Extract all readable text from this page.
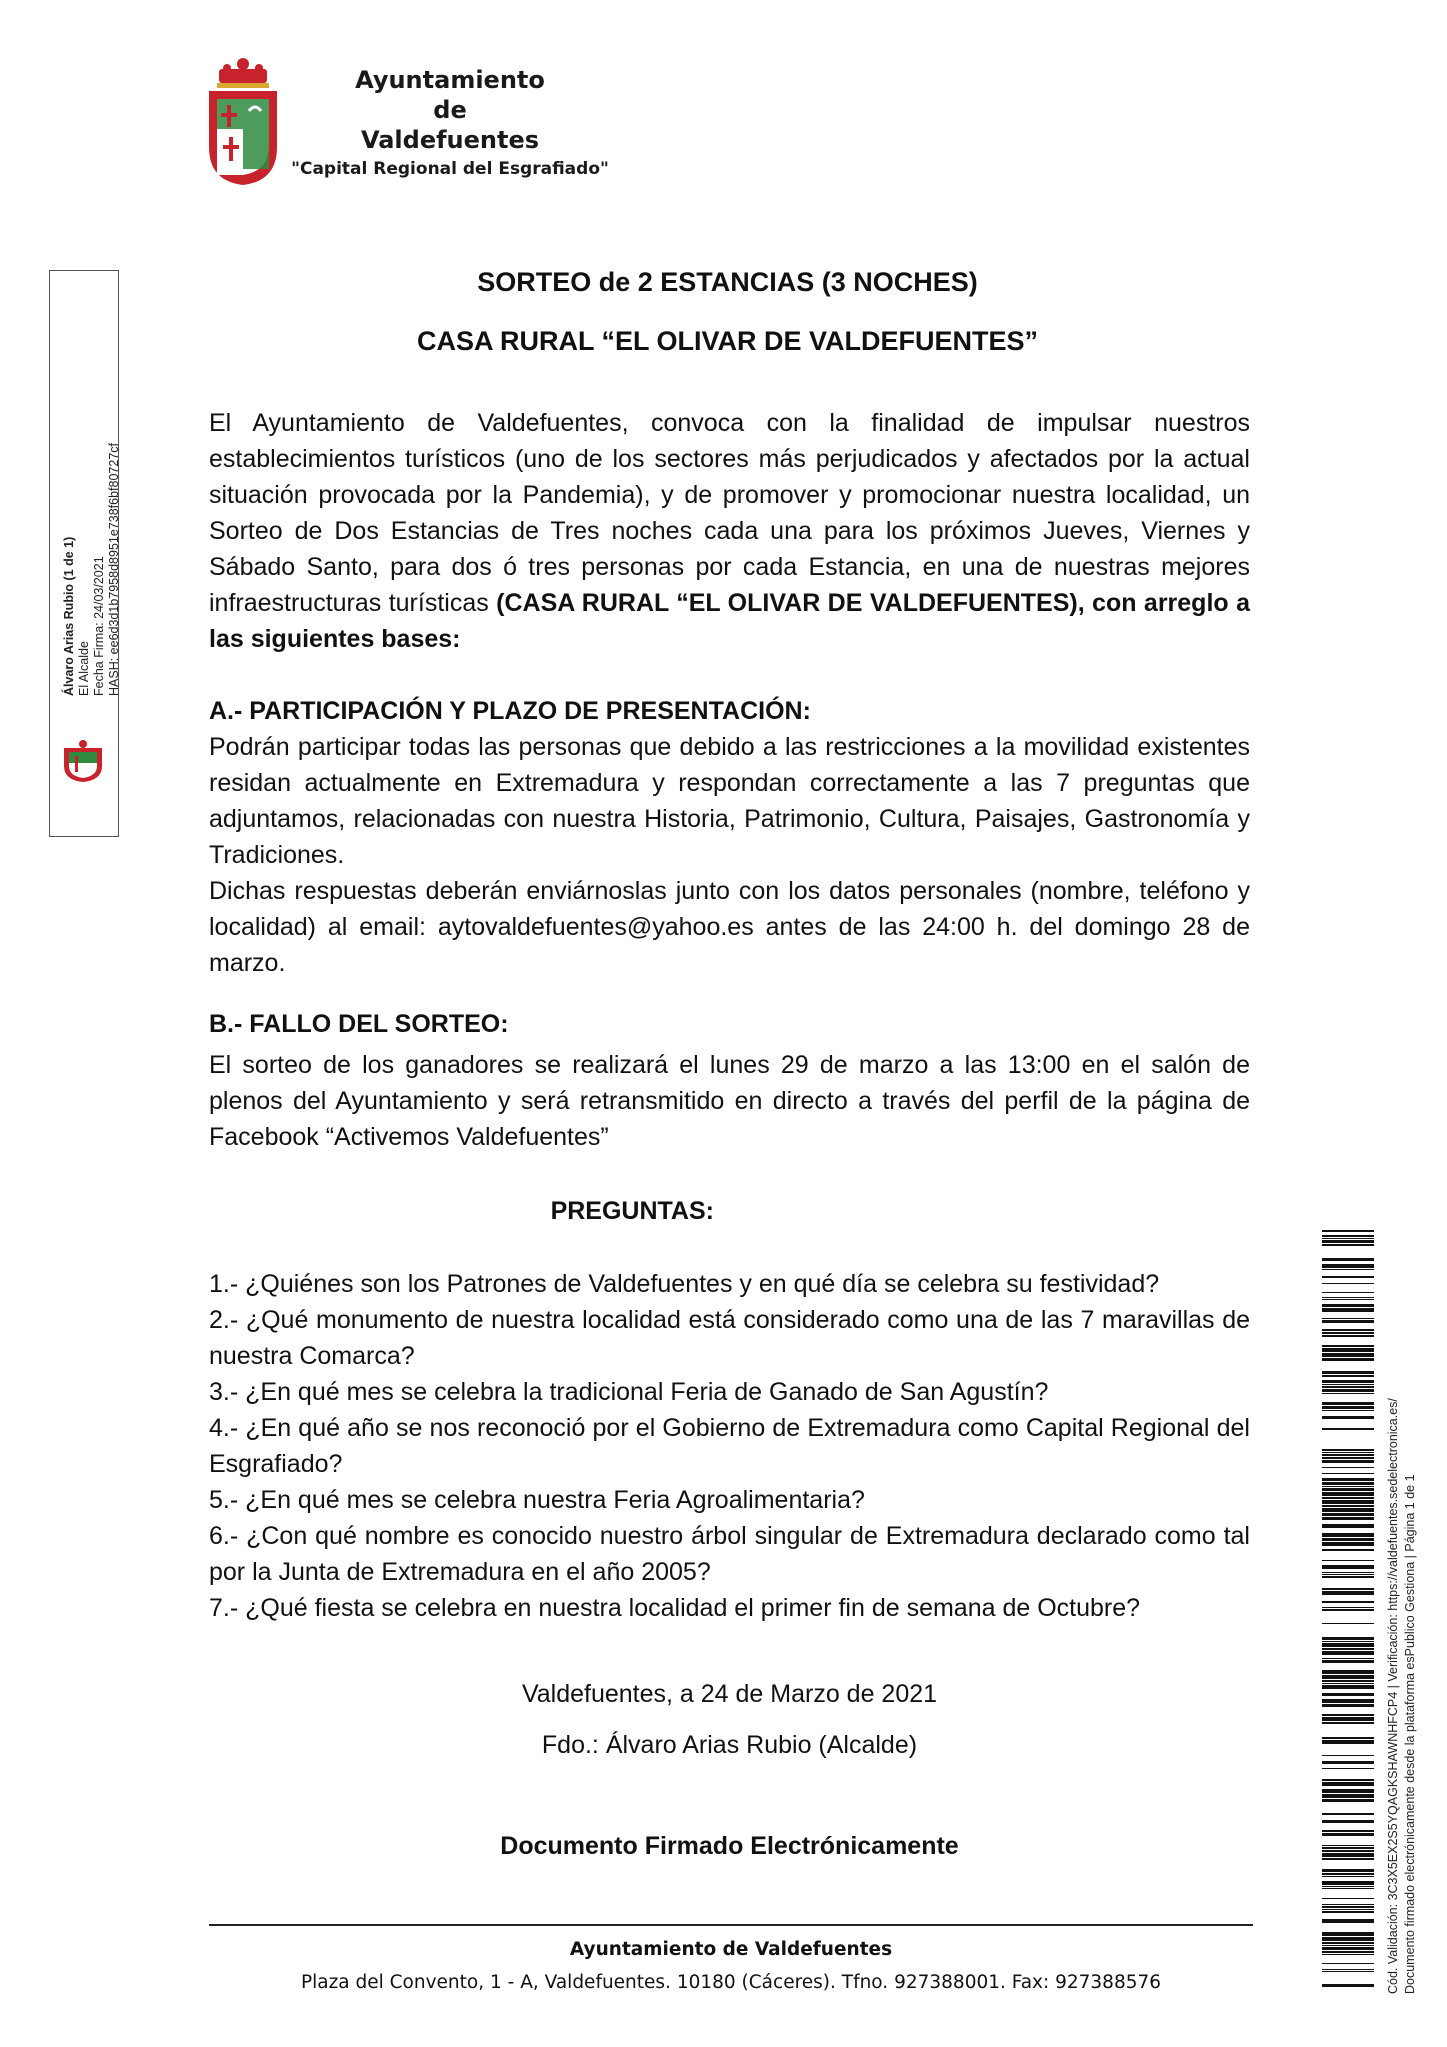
Ayuntamiento
de
Valdefuentes
"Capital Regional del Esgrafiado"
Álvaro Arias Rubio (1 de 1) El Alcalde Fecha Firma: 24/03/2021 HASH: ee6d3d1b7958d8951e738f6bf80727cf
SORTEO de 2 ESTANCIAS (3 NOCHES)
CASA RURAL “EL OLIVAR DE VALDEFUENTES”

El Ayuntamiento de Valdefuentes, convoca con la finalidad de impulsar nuestros establecimientos turísticos (uno de los sectores más perjudicados y afectados por la actual situación provocada por la Pandemia), y de promover y promocionar nuestra localidad, un Sorteo de Dos Estancias de Tres noches cada una para los próximos Jueves, Viernes y Sábado Santo, para dos ó tres personas por cada Estancia, en una de nuestras mejores infraestructuras turísticas (CASA RURAL “EL OLIVAR DE VALDEFUENTES), con arreglo a las siguientes bases:

A.- PARTICIPACIÓN Y PLAZO DE PRESENTACIÓN:

Podrán participar todas las personas que debido a las restricciones a la movilidad existentes residan actualmente en Extremadura y respondan correctamente a las 7 preguntas que adjuntamos, relacionadas con nuestra Historia, Patrimonio, Cultura, Paisajes, Gastronomía y Tradiciones.

Dichas respuestas deberán enviárnoslas junto con los datos personales (nombre, teléfono y localidad) al email: aytovaldefuentes@yahoo.es antes de las 24:00 h. del domingo 28 de marzo.

B.- FALLO DEL SORTEO:

El sorteo de los ganadores se realizará el lunes 29 de marzo a las 13:00 en el salón de plenos del Ayuntamiento y será retransmitido en directo a través del perfil de la página de Facebook “Activemos Valdefuentes”

PREGUNTAS:

1.- ¿Quiénes son los Patrones de Valdefuentes y en qué día se celebra su festividad?

2.- ¿Qué monumento de nuestra localidad está considerado como una de las 7 maravillas de nuestra Comarca?

3.- ¿En qué mes se celebra la tradicional Feria de Ganado de San Agustín?

4.- ¿En qué año se nos reconoció por el Gobierno de Extremadura como Capital Regional del Esgrafiado?

5.- ¿En qué mes se celebra nuestra Feria Agroalimentaria?

6.- ¿Con qué nombre es conocido nuestro árbol singular de Extremadura declarado como tal por la Junta de Extremadura en el año 2005?

7.- ¿Qué fiesta se celebra en nuestra localidad el primer fin de semana de Octubre?

Valdefuentes, a 24 de Marzo de 2021
Fdo.: Álvaro Arias Rubio (Alcalde)
Documento Firmado Electrónicamente
Ayuntamiento de Valdefuentes
Plaza del Convento, 1 - A, Valdefuentes. 10180 (Cáceres). Tfno. 927388001. Fax: 927388576	Cód. Validación: 3C3X5EX2S5YQAGKSHAWNHFCP4 | Verificación: https://valdefuentes.sedelectronica.es/ Documento firmado electrónicamente desde la plataforma esPublico Gestiona | Página 1 de 1
